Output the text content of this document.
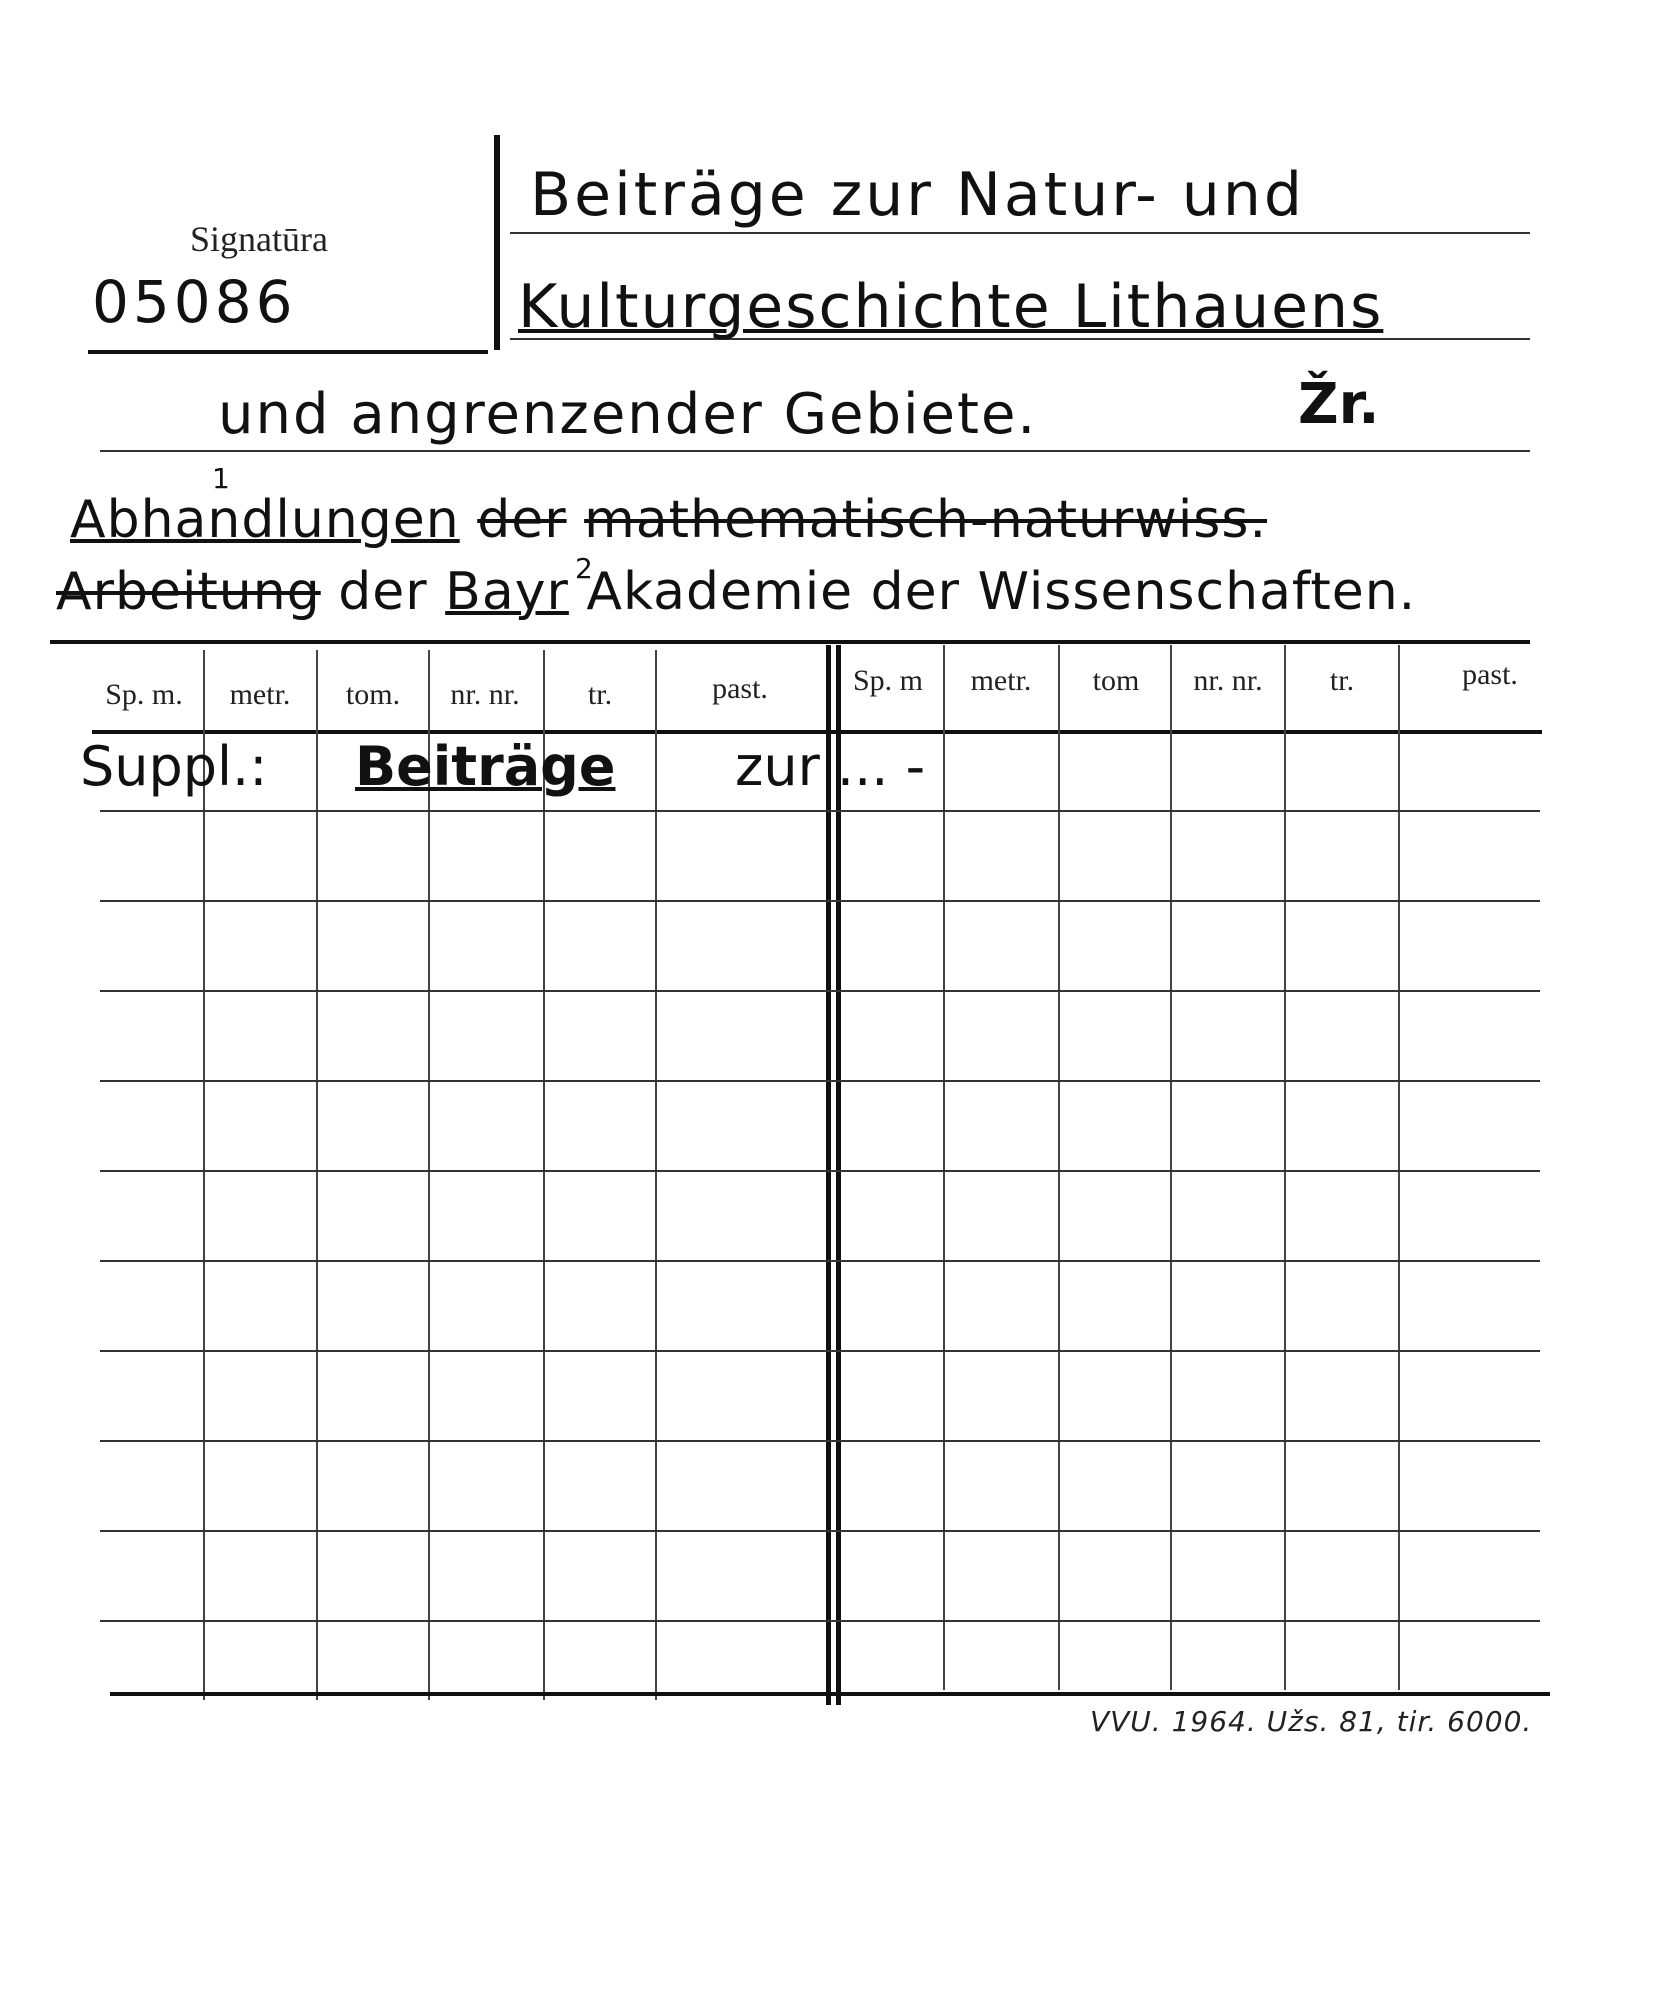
Signatūra
05086
Beiträge zur Natur- und
Kulturgeschichte Lithauens
und angrenzender Gebiete.	Žr.
1
Abhandlungen der mathematisch-naturwiss.
2
Arbeitung der Bayr Akademie der Wissenschaften.
Sp. m.	metr.	tom.	nr. nr.	tr.	past.	Sp. m	metr.	tom	nr. nr.	tr.	past.
Suppl.: Beiträge zur ... -
VVU. 1964. Užs. 81, tir. 6000.
